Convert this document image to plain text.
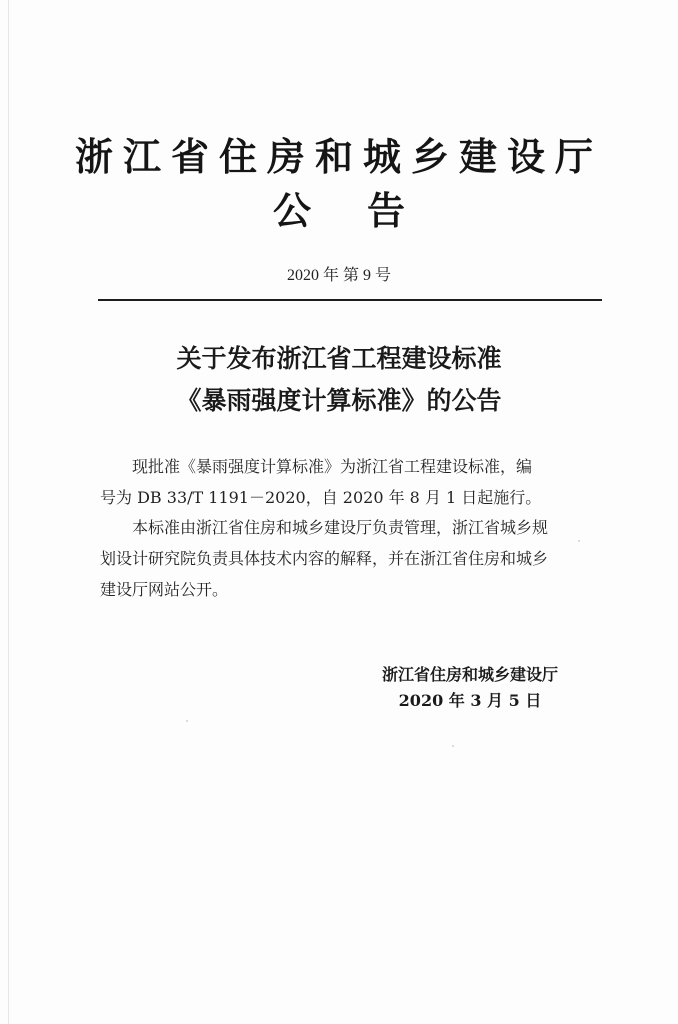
浙江省住房和城乡建设厅
公 告
2020 年 第 9 号
关于发布浙江省工程建设标准
《暴雨强度计算标准》的公告
现批准《暴雨强度计算标准》为浙江省工程建设标准，编
号为 DB 33/T 1191－2020，自 2020 年 8 月 1 日起施行。
本标准由浙江省住房和城乡建设厅负责管理，浙江省城乡规
划设计研究院负责具体技术内容的解释，并在浙江省住房和城乡
建设厅网站公开。
浙江省住房和城乡建设厅
2020 年 3 月 5 日
